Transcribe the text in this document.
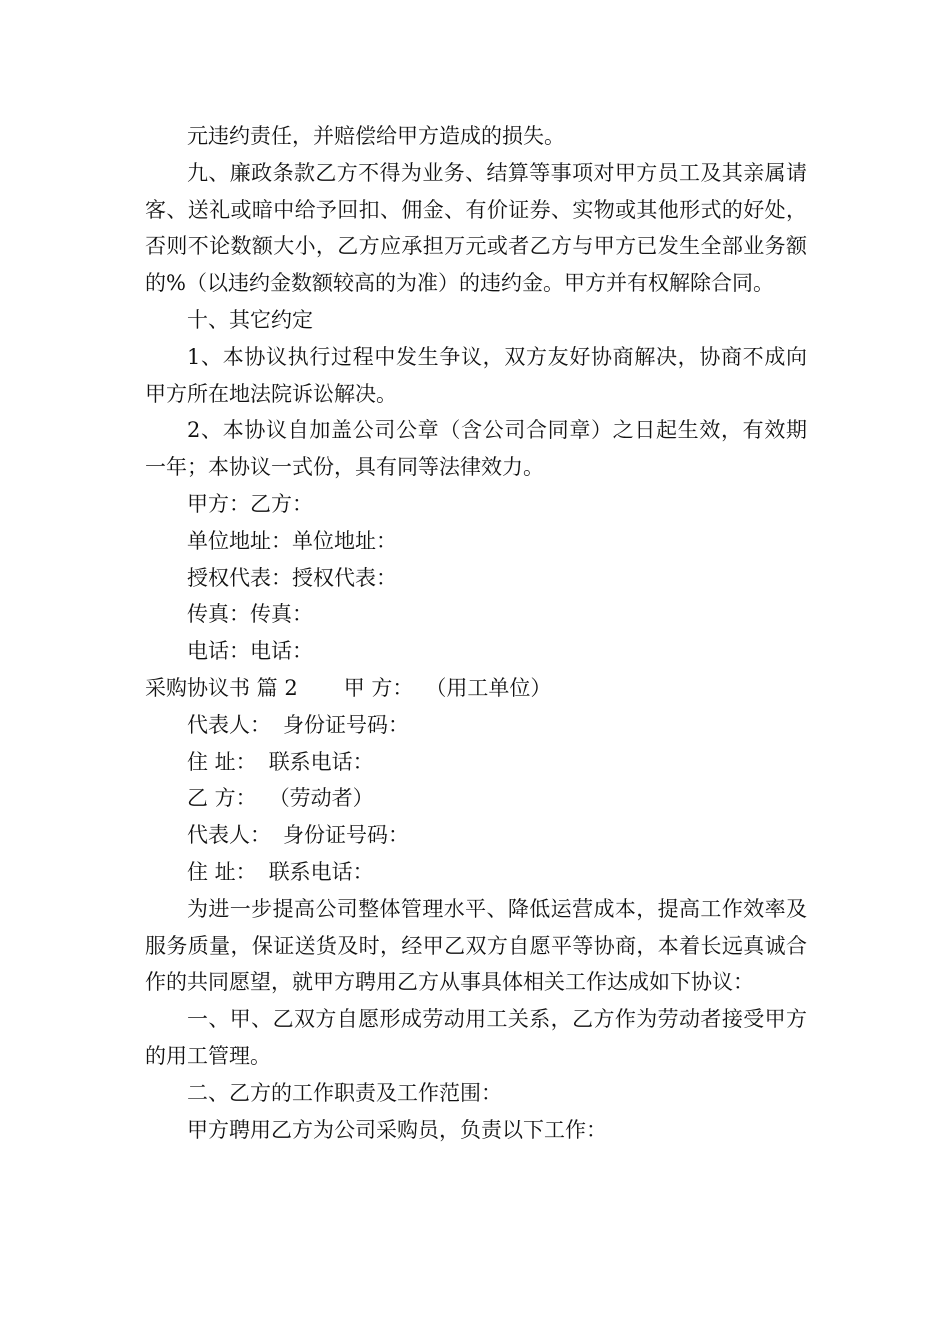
元违约责任，并赔偿给甲方造成的损失。

九、廉政条款乙方不得为业务、结算等事项对甲方员工及其亲属请客、送礼或暗中给予回扣、佣金、有价证券、实物或其他形式的好处，否则不论数额大小，乙方应承担万元或者乙方与甲方已发生全部业务额的%（以违约金数额较高的为准）的违约金。甲方并有权解除合同。

十、其它约定

1、本协议执行过程中发生争议，双方友好协商解决，协商不成向甲方所在地法院诉讼解决。

2、本协议自加盖公司公章（含公司合同章）之日起生效，有效期一年；本协议一式份，具有同等法律效力。

甲方：乙方：

单位地址：单位地址：

授权代表：授权代表：

传真：传真：

电话：电话：

采购协议书 篇 2 甲 方： （用工单位）

代表人： 身份证号码：

住 址： 联系电话：

乙 方： （劳动者）

代表人： 身份证号码：

住 址： 联系电话：

为进一步提高公司整体管理水平、降低运营成本，提高工作效率及服务质量，保证送货及时，经甲乙双方自愿平等协商，本着长远真诚合作的共同愿望，就甲方聘用乙方从事具体相关工作达成如下协议：

一、甲、乙双方自愿形成劳动用工关系，乙方作为劳动者接受甲方的用工管理。

二、乙方的工作职责及工作范围：

甲方聘用乙方为公司采购员，负责以下工作：
